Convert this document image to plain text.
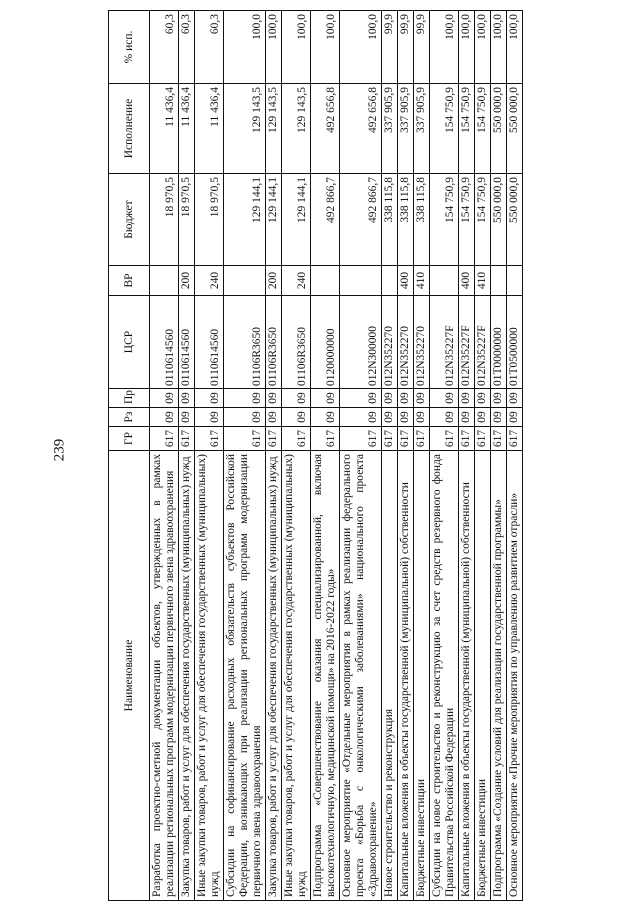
239
Наименование	ГР	Рз	Пр	ЦСР	ВР	Бюджет	Исполнение	% исп.
Разработка проектно-сметной документации объектов, утвержденных в рамках реализации региональных программ модернизации первичного звена здравоохранения	617	09	09	0110614560		18 970,5	11 436,4	60,3
Закупка товаров, работ и услуг для обеспечения государственных (муниципальных) нужд	617	09	09	0110614560	200	18 970,5	11 436,4	60,3
Иные закупки товаров, работ и услуг для обеспечения государственных (муниципальных) нужд	617	09	09	0110614560	240	18 970,5	11 436,4	60,3
Субсидии на софинансирование расходных обязательств субъектов Российской Федерации, возникающих при реализации региональных программ модернизации первичного звена здравоохранения	617	09	09	01106R3650		129 144,1	129 143,5	100,0
Закупка товаров, работ и услуг для обеспечения государственных (муниципальных) нужд	617	09	09	01106R3650	200	129 144,1	129 143,5	100,0
Иные закупки товаров, работ и услуг для обеспечения государственных (муниципальных) нужд	617	09	09	01106R3650	240	129 144,1	129 143,5	100,0
Подпрограмма «Совершенствование оказания специализированной, включая высокотехнологичную, медицинской помощи» на 2016-2022 годы»	617	09	09	0120000000		492 866,7	492 656,8	100,0
Основное мероприятие «Отдельные мероприятия в рамках реализации федерального проекта «Борьба с онкологическими заболеваниями» национального проекта «Здравоохранение»	617	09	09	012N300000		492 866,7	492 656,8	100,0
Новое строительство и реконструкция	617	09	09	012N352270		338 115,8	337 905,9	99,9
Капитальные вложения в объекты государственной (муниципальной) собственности	617	09	09	012N352270	400	338 115,8	337 905,9	99,9
Бюджетные инвестиции	617	09	09	012N352270	410	338 115,8	337 905,9	99,9
Субсидии на новое строительство и реконструкцию за счет средств резервного фонда Правительства Российской Федерации	617	09	09	012N35227F		154 750,9	154 750,9	100,0
Капитальные вложения в объекты государственной (муниципальной) собственности	617	09	09	012N35227F	400	154 750,9	154 750,9	100,0
Бюджетные инвестиции	617	09	09	012N35227F	410	154 750,9	154 750,9	100,0
Подпрограмма «Создание условий для реализации государственной программы»	617	09	09	01Т0000000		550 000,0	550 000,0	100,0
Основное мероприятие «Прочие мероприятия по управлению развитием отрасли»	617	09	09	01Т0500000		550 000,0	550 000,0	100,0
